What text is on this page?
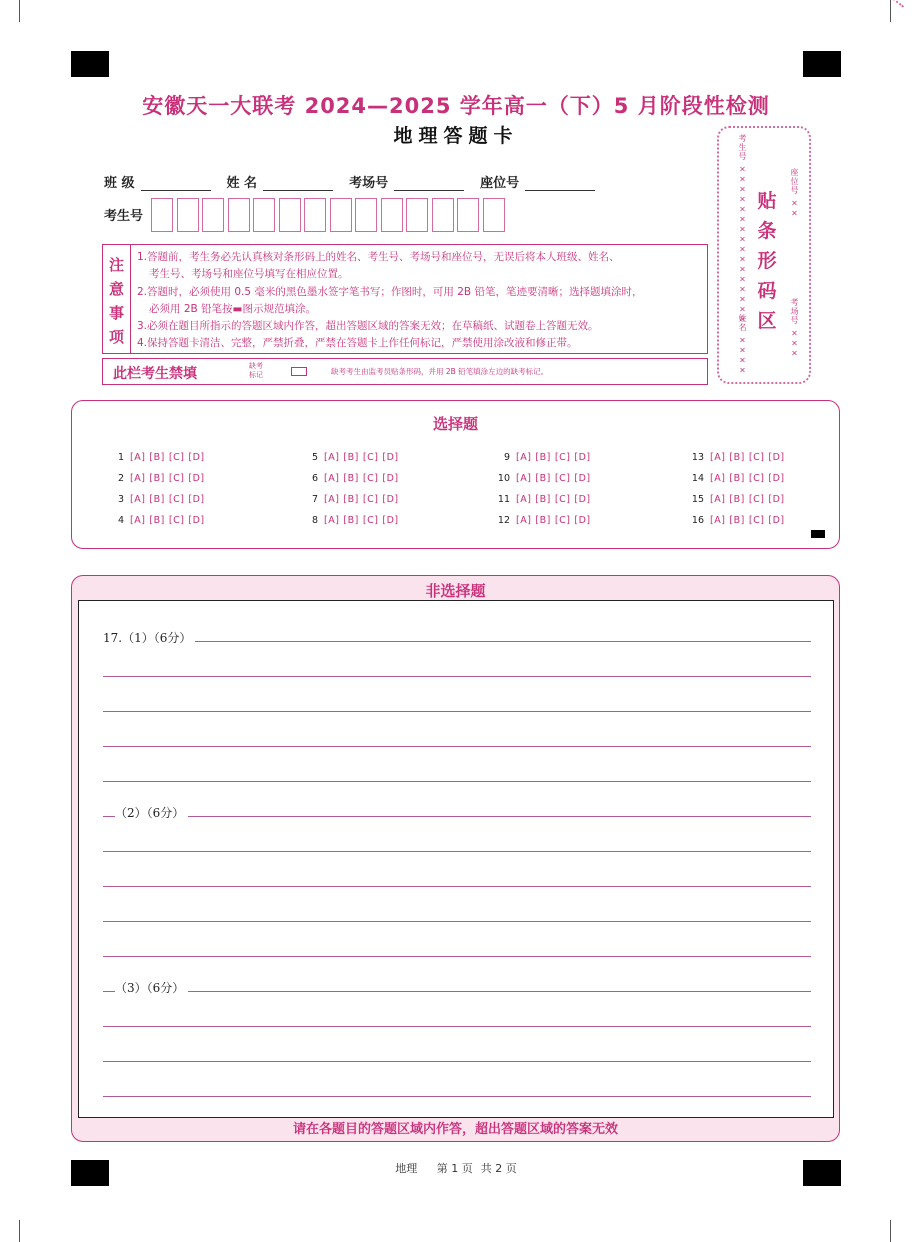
安徽天一大联考 2024—2025 学年高一（下）5 月阶段性检测
地理答题卡
班 级	姓 名	考场号	座位号
考生号
注
意
事
项
1.答题前，考生务必先认真核对条形码上的姓名、考生号、考场号和座位号，无误后将本人班级、姓名、
考生号、考场号和座位号填写在相应位置。
2.答题时，必须使用 0.5 毫米的黑色墨水签字笔书写；作图时，可用 2B 铅笔，笔迹要清晰；选择题填涂时，
必须用 2B 铅笔按▬图示规范填涂。
3.必须在题目所指示的答题区域内作答，超出答题区域的答案无效；在草稿纸、试题卷上答题无效。
4.保持答题卡清洁、完整，严禁折叠，严禁在答题卡上作任何标记，严禁使用涂改液和修正带。
此栏考生禁填	缺考
标记	缺考考生由监考员贴条形码，并用 2B 铅笔填涂左边的缺考标记。	姓名 ××××
考生号 ×××××××××××××××× 贴
条
形
码
区
座位号 ××
考场号 ×××
选择题
1 [A] [B] [C] [D]
2 [A] [B] [C] [D]
3 [A] [B] [C] [D]
4 [A] [B] [C] [D]
5 [A] [B] [C] [D]
6 [A] [B] [C] [D]
7 [A] [B] [C] [D]
8 [A] [B] [C] [D]
9 [A] [B] [C] [D]
10 [A] [B] [C] [D]
11 [A] [B] [C] [D]
12 [A] [B] [C] [D]
13 [A] [B] [C] [D]
14 [A] [B] [C] [D]
15 [A] [B] [C] [D]
16 [A] [B] [C] [D]
非选择题
17.（1）（6分）
（2）（6分）
（3）（6分）
请在各题目的答题区域内作答，超出答题区域的答案无效
地理 第 1 页 共 2 页
